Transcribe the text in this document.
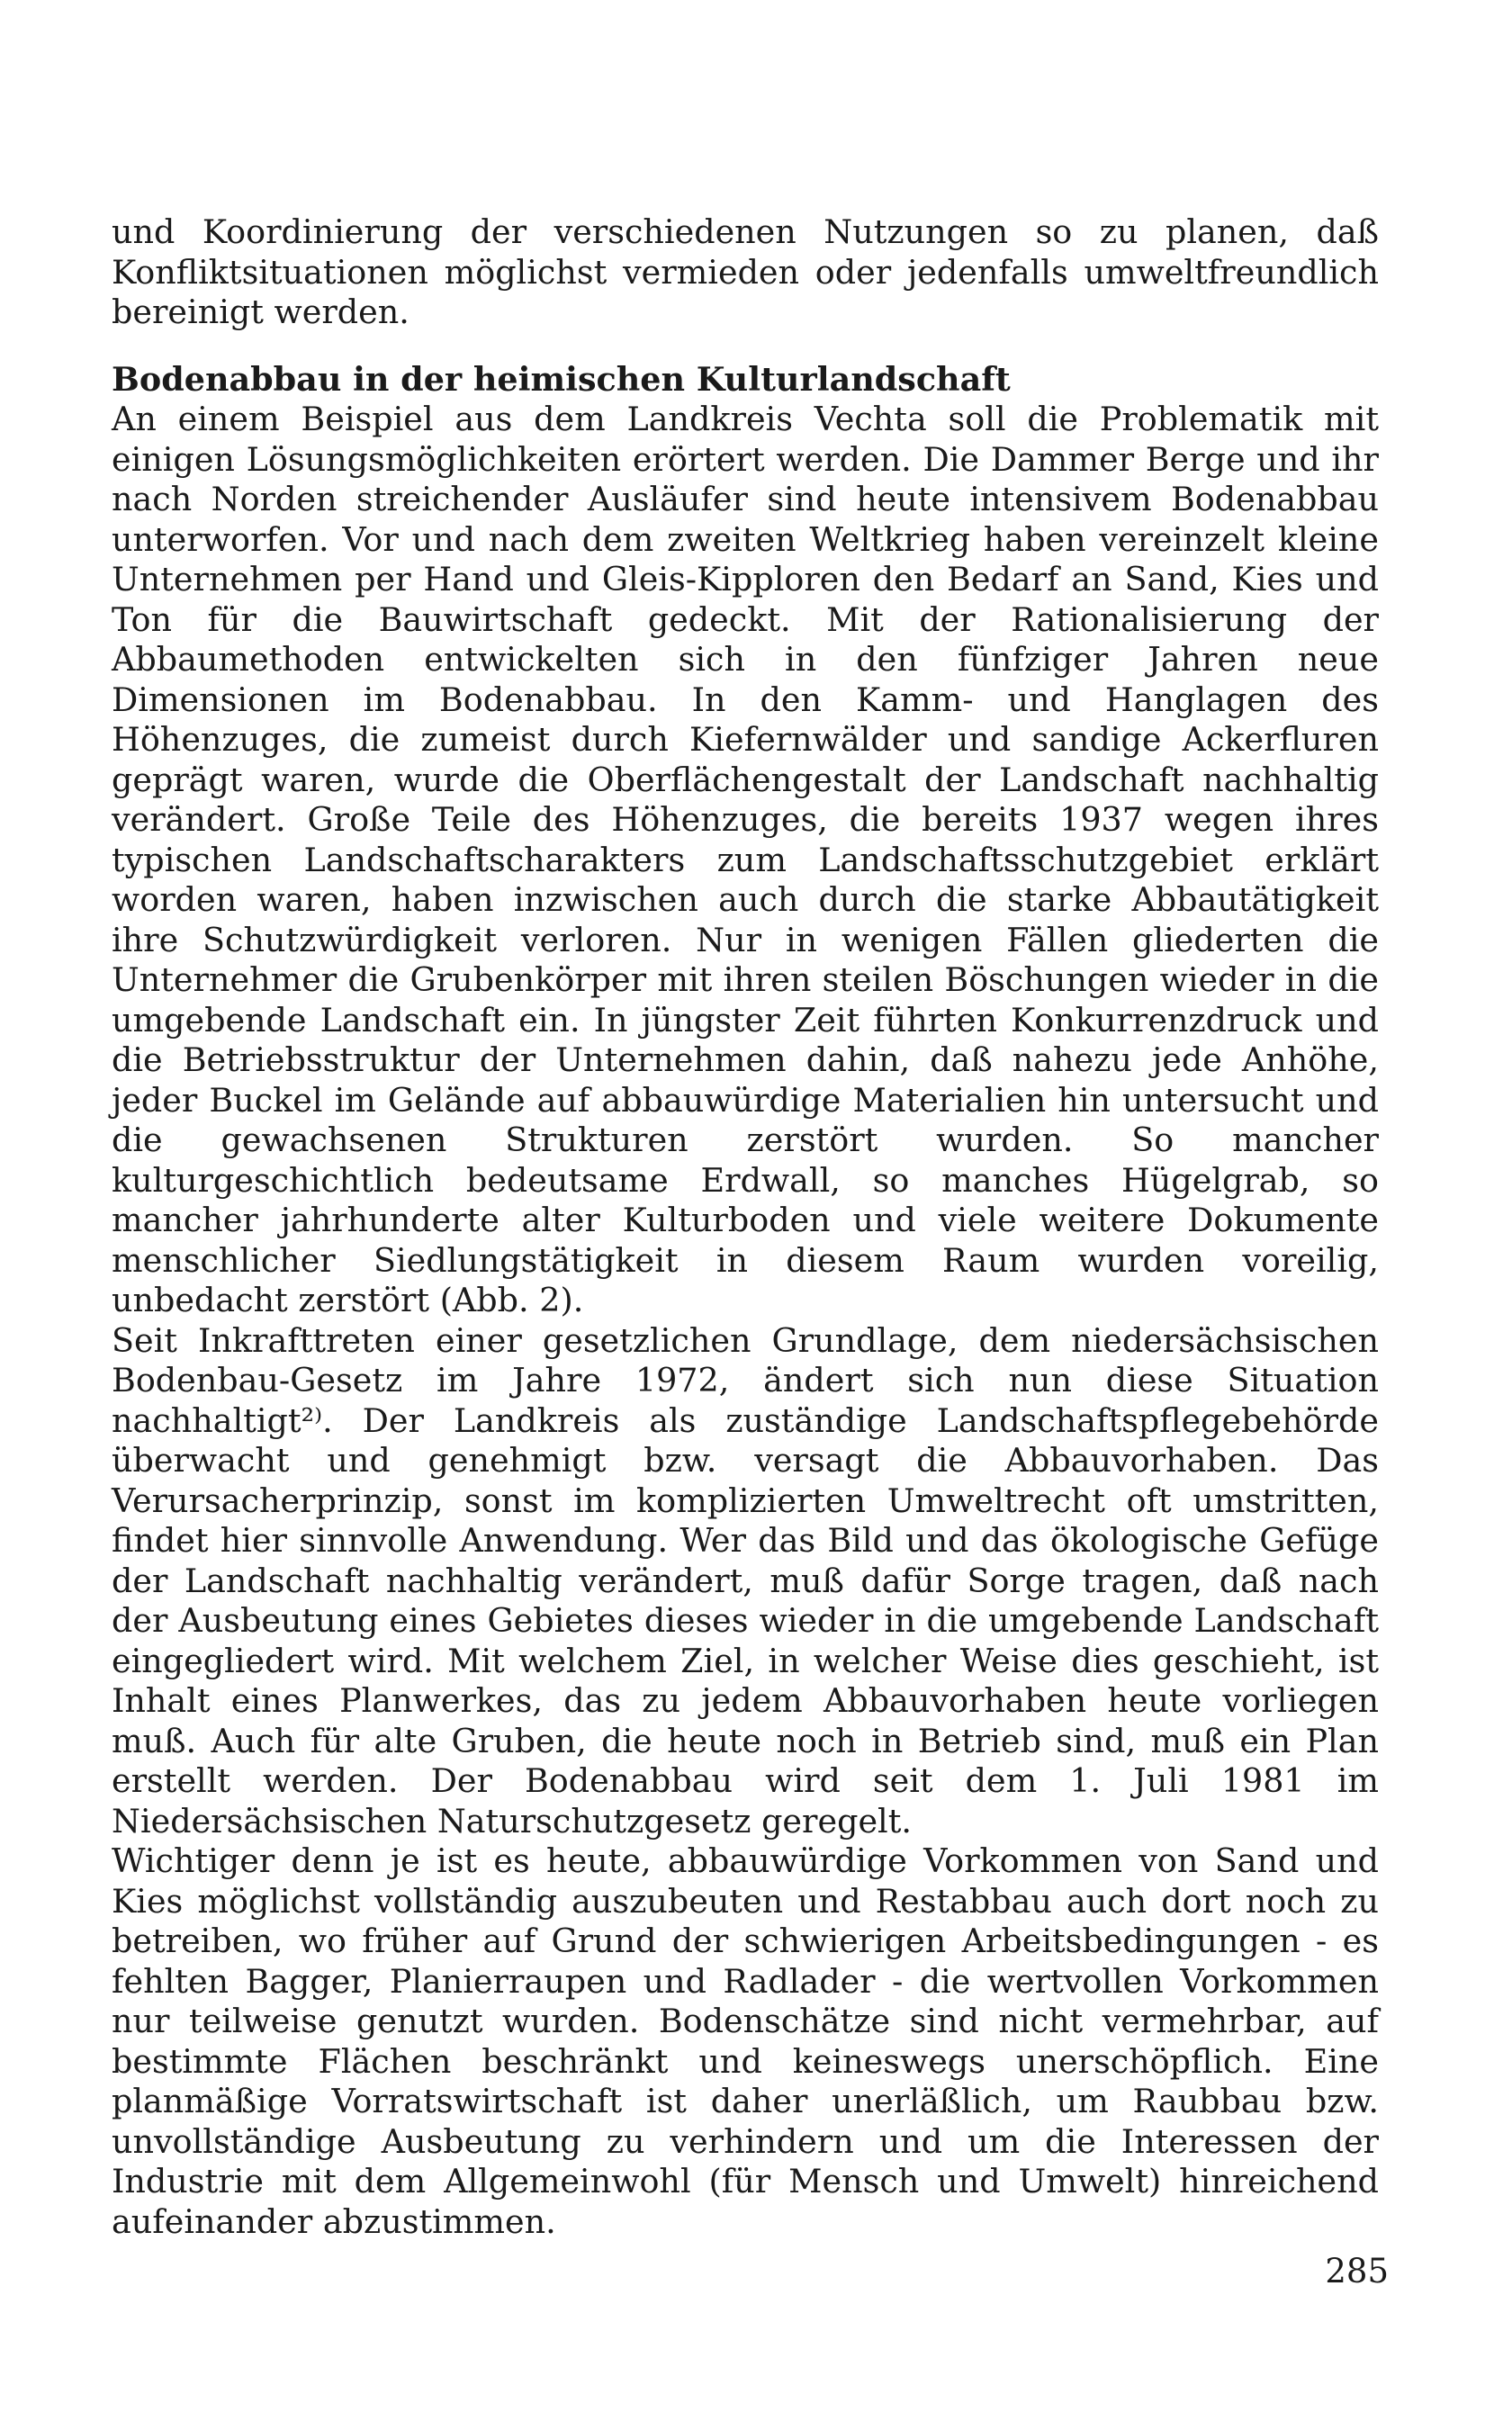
und Koordinierung der verschiedenen Nutzungen so zu planen, daß Konfliktsituationen möglichst vermieden oder jedenfalls umweltfreundlich bereinigt werden.

Bodenabbau in der heimischen Kulturlandschaft

An einem Beispiel aus dem Landkreis Vechta soll die Problematik mit einigen Lösungsmöglichkeiten erörtert werden. Die Dammer Berge und ihr nach Norden streichender Ausläufer sind heute intensivem Bodenabbau unterworfen. Vor und nach dem zweiten Weltkrieg haben vereinzelt kleine Unternehmen per Hand und Gleis-Kipploren den Bedarf an Sand, Kies und Ton für die Bauwirtschaft gedeckt. Mit der Rationalisierung der Abbaumethoden entwickelten sich in den fünfziger Jahren neue Dimensionen im Bodenabbau. In den Kamm- und Hanglagen des Höhenzuges, die zumeist durch Kiefernwälder und sandige Ackerfluren geprägt waren, wurde die Oberflächengestalt der Landschaft nachhaltig verändert. Große Teile des Höhenzuges, die bereits 1937 wegen ihres typischen Landschaftscharakters zum Landschaftsschutzgebiet erklärt worden waren, haben inzwischen auch durch die starke Abbautätigkeit ihre Schutzwürdigkeit verloren. Nur in wenigen Fällen gliederten die Unternehmer die Grubenkörper mit ihren steilen Böschungen wieder in die umgebende Landschaft ein. In jüngster Zeit führten Konkurrenzdruck und die Betriebsstruktur der Unternehmen dahin, daß nahezu jede Anhöhe, jeder Buckel im Gelände auf abbauwürdige Materialien hin untersucht und die gewachsenen Strukturen zerstört wurden. So mancher kulturgeschichtlich bedeutsame Erdwall, so manches Hügelgrab, so mancher jahrhunderte alter Kulturboden und viele weitere Dokumente menschlicher Siedlungstätigkeit in diesem Raum wurden voreilig, unbedacht zerstört (Abb. 2).

Seit Inkrafttreten einer gesetzlichen Grundlage, dem niedersächsischen Bodenbau-Gesetz im Jahre 1972, ändert sich nun diese Situation nachhaltigt²⁾. Der Landkreis als zuständige Landschaftspflegebehörde überwacht und genehmigt bzw. versagt die Abbauvorhaben. Das Verursacherprinzip, sonst im komplizierten Umweltrecht oft umstritten, findet hier sinnvolle Anwendung. Wer das Bild und das ökologische Gefüge der Landschaft nachhaltig verändert, muß dafür Sorge tragen, daß nach der Ausbeutung eines Gebietes dieses wieder in die umgebende Landschaft eingegliedert wird. Mit welchem Ziel, in welcher Weise dies geschieht, ist Inhalt eines Planwerkes, das zu jedem Abbauvorhaben heute vorliegen muß. Auch für alte Gruben, die heute noch in Betrieb sind, muß ein Plan erstellt werden. Der Bodenabbau wird seit dem 1. Juli 1981 im Niedersächsischen Naturschutzgesetz geregelt.

Wichtiger denn je ist es heute, abbauwürdige Vorkommen von Sand und Kies möglichst vollständig auszubeuten und Restabbau auch dort noch zu betreiben, wo früher auf Grund der schwierigen Arbeitsbedingungen - es fehlten Bagger, Planierraupen und Radlader - die wertvollen Vorkommen nur teilweise genutzt wurden. Bodenschätze sind nicht vermehrbar, auf bestimmte Flächen beschränkt und keineswegs unerschöpflich. Eine planmäßige Vorratswirtschaft ist daher unerläßlich, um Raubbau bzw. unvollständige Ausbeutung zu verhindern und um die Interessen der Industrie mit dem Allgemeinwohl (für Mensch und Umwelt) hinreichend aufeinander abzustimmen.

285
